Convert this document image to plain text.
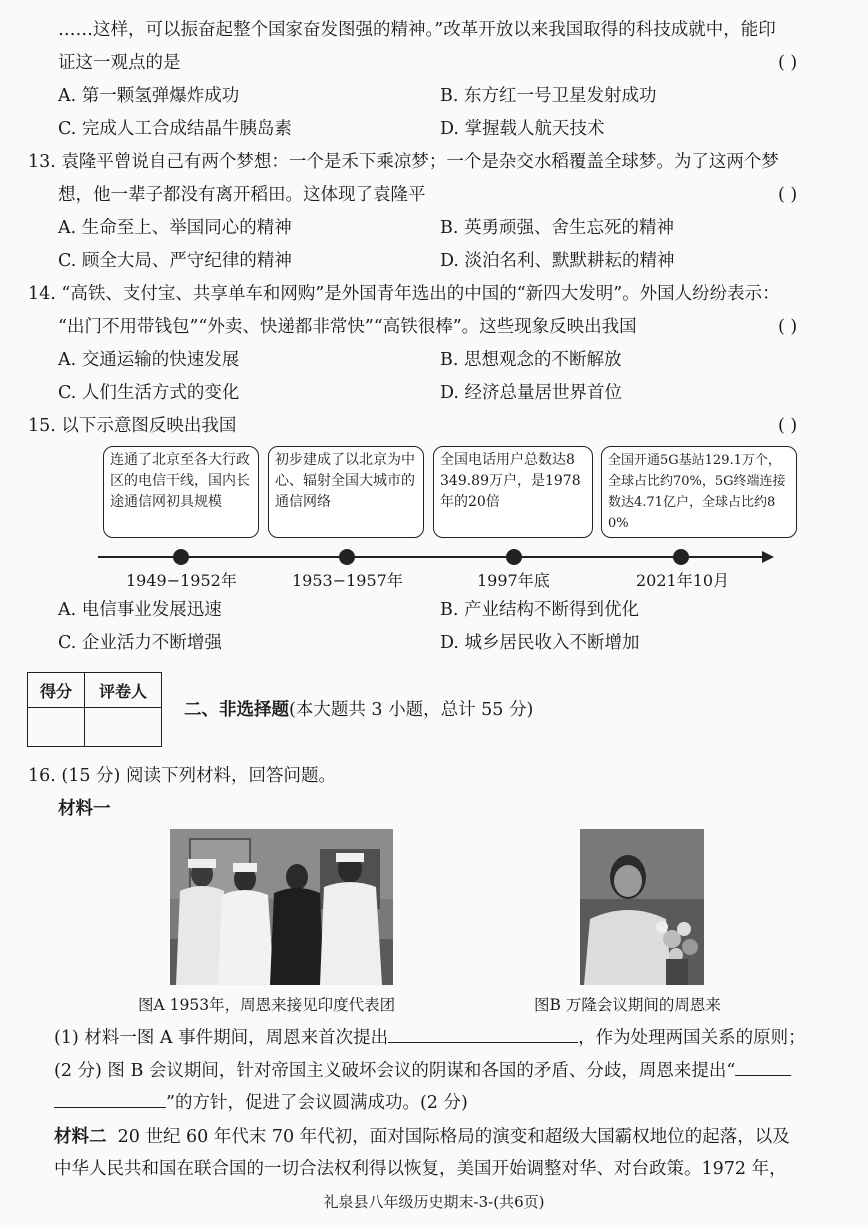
……这样，可以振奋起整个国家奋发图强的精神。”改革开放以来我国取得的科技成就中，能印
证这一观点的是	( )
A. 第一颗氢弹爆炸成功	B. 东方红一号卫星发射成功
C. 完成人工合成结晶牛胰岛素	D. 掌握载人航天技术
13. 袁隆平曾说自己有两个梦想：一个是禾下乘凉梦；一个是杂交水稻覆盖全球梦。为了这两个梦
想，他一辈子都没有离开稻田。这体现了袁隆平	( )
A. 生命至上、举国同心的精神	B. 英勇顽强、舍生忘死的精神
C. 顾全大局、严守纪律的精神	D. 淡泊名利、默默耕耘的精神
14. “高铁、支付宝、共享单车和网购”是外国青年选出的中国的“新四大发明”。外国人纷纷表示：
“出门不用带钱包”“外卖、快递都非常快”“高铁很棒”。这些现象反映出我国	( )
A. 交通运输的快速发展	B. 思想观念的不断解放
C. 人们生活方式的变化	D. 经济总量居世界首位
15. 以下示意图反映出我国	( )
连通了北京至各大行政区的电信干线，国内长途通信网初具规模
初步建成了以北京为中心、辐射全国大城市的通信网络
全国电话用户总数达8 349.89万户，是1978年的20倍
全国开通5G基站129.1万个，全球占比约70%，5G终端连接数达4.71亿户，全球占比约80%
1949−1952年	1953−1957年	1997年底	2021年10月
A. 电信事业发展迅速	B. 产业结构不断得到优化
C. 企业活力不断增强	D. 城乡居民收入不断增加
得分	评卷人

二、非选择题(本大题共 3 小题，总计 55 分)
16. (15 分) 阅读下列材料，回答问题。
材料一
图A 1953年，周恩来接见印度代表团	图B 万隆会议期间的周恩来
(1) 材料一图 A 事件期间，周恩来首次提出	，作为处理两国关系的原则；
(2 分) 图 B 会议期间，针对帝国主义破坏会议的阴谋和各国的矛盾、分歧，周恩来提出“
”的方针，促进了会议圆满成功。(2 分)
材料二 20 世纪 60 年代末 70 年代初，面对国际格局的演变和超级大国霸权地位的起落，以及
中华人民共和国在联合国的一切合法权利得以恢复，美国开始调整对华、对台政策。1972 年，
礼泉县八年级历史期末-3-(共6页)
